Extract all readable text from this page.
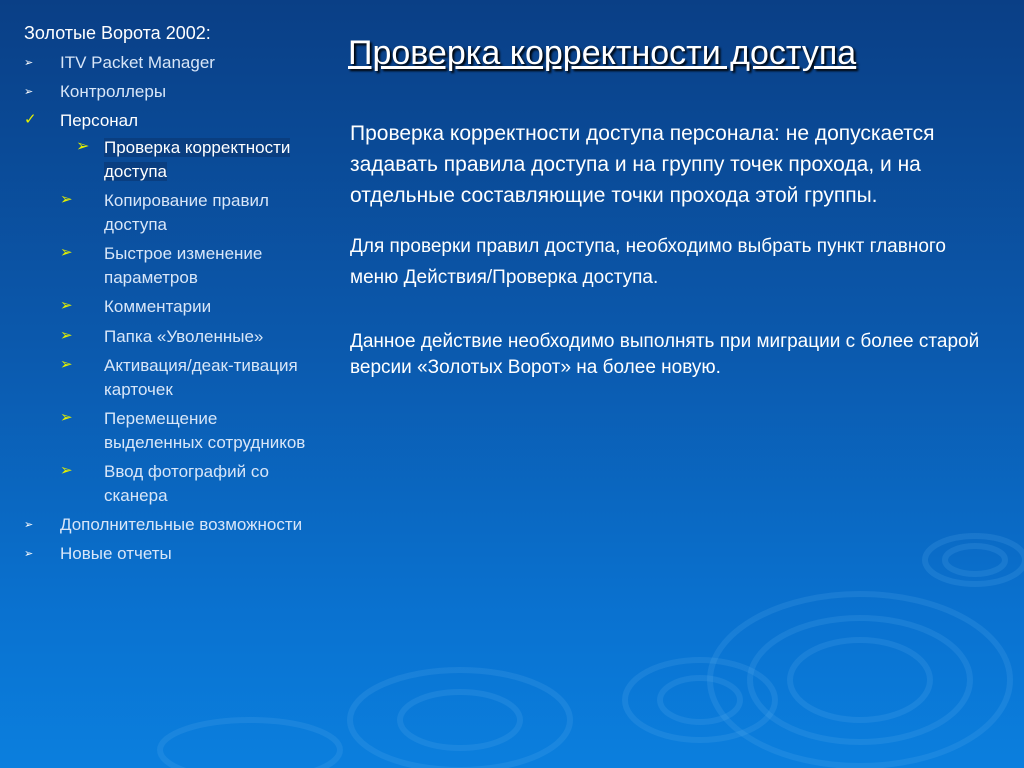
Золотые Ворота 2002:
➢ ITV Packet Manager
➢ Контроллеры
✓ Персонал
➢ Проверка корректности доступа
➢ Копирование правил доступа
➢ Быстрое изменение параметров
➢ Комментарии
➢ Папка «Уволенные»
➢ Активация/деак-тивация карточек
➢ Перемещение выделенных сотрудников
➢ Ввод фотографий со сканера
➢ Дополнительные возможности
➢ Новые отчеты
Проверка корректности доступа

Проверка корректности доступа персонала: не допускается задавать правила доступа и на группу точек прохода, и на отдельные составляющие точки прохода этой группы.

Для проверки правил доступа, необходимо выбрать пункт главного меню Действия/Проверка доступа.

Данное действие необходимо выполнять при миграции с более старой версии «Золотых Ворот» на более новую.
